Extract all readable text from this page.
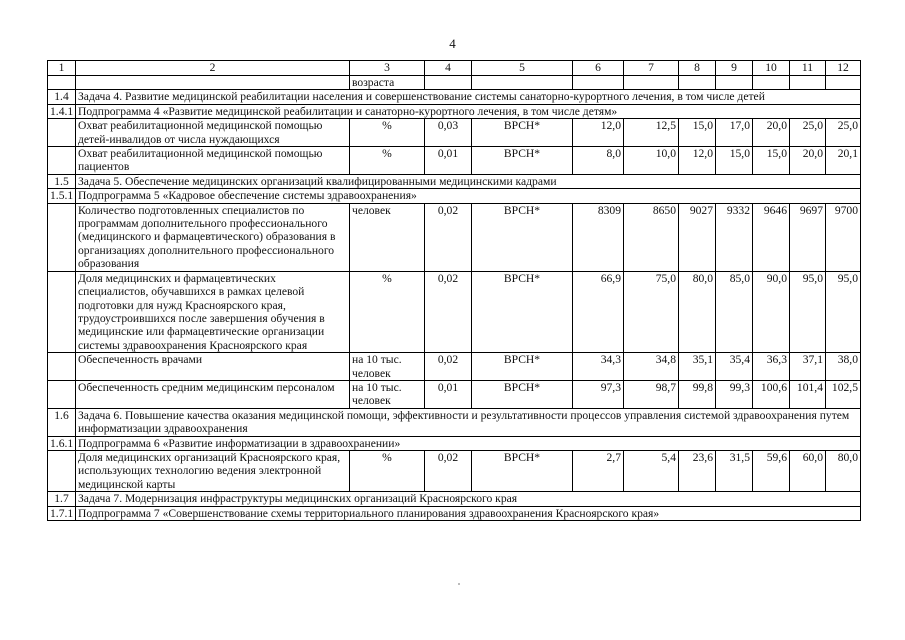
4
1	2	3	4	5	6	7	8	9	10	11	12
		возраста									
1.4	Задача 4. Развитие медицинской реабилитации населения и совершенствование системы санаторно-курортного лечения, в том числе детей										
1.4.1	Подпрограмма 4 «Развитие медицинской реабилитации и санаторно-курортного лечения, в том числе детям»										
	Охват реабилитационной медицинской помощью детей-инвалидов от числа нуждающихся	%	0,03	ВРСН*	12,0	12,5	15,0	17,0	20,0	25,0	25,0
	Охват реабилитационной медицинской помощью пациентов	%	0,01	ВРСН*	8,0	10,0	12,0	15,0	15,0	20,0	20,1
1.5	Задача 5. Обеспечение медицинских организаций квалифицированными медицинскими кадрами										
1.5.1	Подпрограмма 5 «Кадровое обеспечение системы здравоохранения»										
	Количество подготовленных специалистов по программам дополнительного профессионального (медицинского и фармацевтического) образования в организациях дополнительного профессионального образования	человек	0,02	ВРСН*	8309	8650	9027	9332	9646	9697	9700
	Доля медицинских и фармацевтических специалистов, обучавшихся в рамках целевой подготовки для нужд Красноярского края, трудоустроившихся после завершения обучения в медицинские или фармацевтические организации системы здравоохранения Красноярского края	%	0,02	ВРСН*	66,9	75,0	80,0	85,0	90,0	95,0	95,0
	Обеспеченность врачами	на 10 тыс. человек	0,02	ВРСН*	34,3	34,8	35,1	35,4	36,3	37,1	38,0
	Обеспеченность средним медицинским персоналом	на 10 тыс. человек	0,01	ВРСН*	97,3	98,7	99,8	99,3	100,6	101,4	102,5
1.6	Задача 6. Повышение качества оказания медицинской помощи, эффективности и результативности процессов управления системой здравоохранения путем информатизации здравоохранения										
1.6.1	Подпрограмма 6 «Развитие информатизации в здравоохранении»										
	Доля медицинских организаций Красноярского края, использующих технологию ведения электронной медицинской карты	%	0,02	ВРСН*	2,7	5,4	23,6	31,5	59,6	60,0	80,0
1.7	Задача 7. Модернизация инфраструктуры медицинских организаций Красноярского края										
1.7.1	Подпрограмма 7 «Совершенствование схемы территориального планирования здравоохранения Красноярского края»										
